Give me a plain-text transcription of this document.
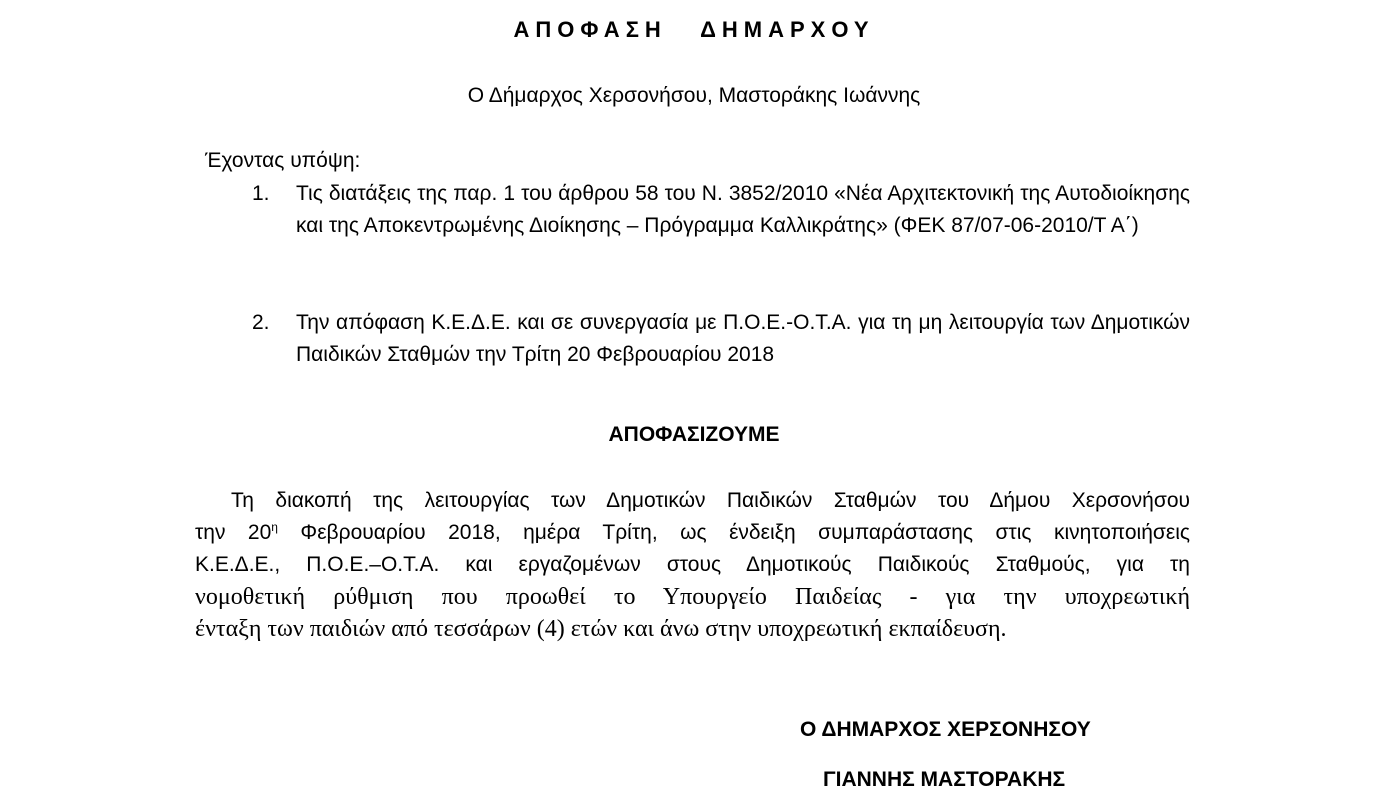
ΑΠΟΦΑΣΗ ΔΗΜΑΡΧΟΥ
Ο Δήμαρχος Χερσονήσου, Μαστοράκης Ιωάννης
Έχοντας υπόψη:
1. Τις διατάξεις της παρ. 1 του άρθρου 58 του Ν. 3852/2010 «Νέα Αρχιτεκτονική της Αυτοδιοίκησης και της Αποκεντρωμένης Διοίκησης – Πρόγραμμα Καλλικράτης» (ΦΕΚ 87/07-06-2010/Τ Α΄)
2. Την απόφαση Κ.Ε.Δ.Ε. και σε συνεργασία με Π.Ο.Ε.-Ο.Τ.Α. για τη μη λειτουργία των Δημοτικών Παιδικών Σταθμών την Τρίτη 20 Φεβρουαρίου 2018
ΑΠΟΦΑΣΙΖΟΥΜΕ
Τη διακοπή της λειτουργίας των Δημοτικών Παιδικών Σταθμών του Δήμου Χερσονήσου
την $20^\eta$ Φεβρουαρίου 2018, ημέρα Τρίτη, ως ένδειξη συμπαράστασης στις κινητοποιήσεις
Κ.Ε.Δ.Ε., Π.Ο.Ε.–Ο.Τ.Α. και εργαζομένων στους Δημοτικούς Παιδικούς Σταθμούς, για τη
νομοθετική ρύθμιση που προωθεί το Υπουργείο Παιδείας - για την υποχρεωτική
ένταξη των παιδιών από τεσσάρων (4) ετών και άνω στην υποχρεωτική εκπαίδευση.
Ο ΔΗΜΑΡΧΟΣ ΧΕΡΣΟΝΗΣΟΥ
ΓΙΑΝΝΗΣ ΜΑΣΤΟΡΑΚΗΣ
